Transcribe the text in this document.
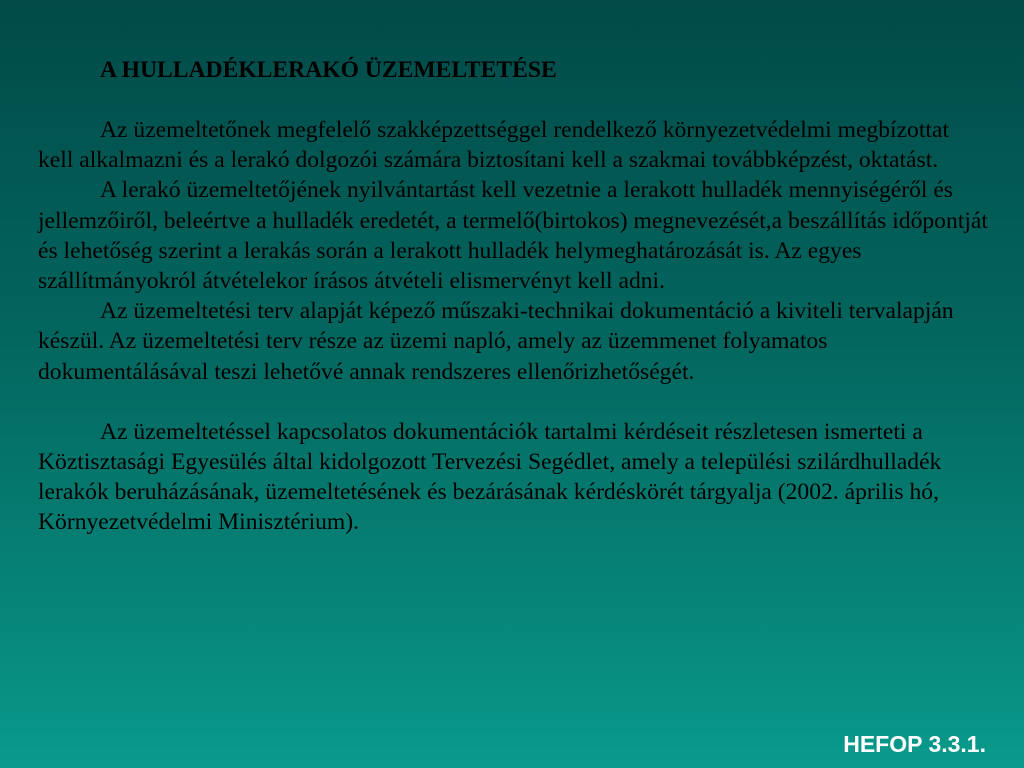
A HULLADÉKLERAKÓ ÜZEMELTETÉSE

Az üzemeltetőnek megfelelő szakképzettséggel rendelkező környezetvédelmi megbízottat kell alkalmazni és a lerakó dolgozói számára biztosítani kell a szakmai továbbképzést, oktatást.

A lerakó üzemeltetőjének nyilvántartást kell vezetnie a lerakott hulladék mennyiségéről és jellemzőiről, beleértve a hulladék eredetét, a termelő(birtokos) megnevezését,a beszállítás időpontját és lehetőség szerint a lerakás során a lerakott hulladék helymeghatározását is. Az egyes szállítmányokról átvételekor írásos átvételi elismervényt kell adni.

Az üzemeltetési terv alapját képező műszaki-technikai dokumentáció a kiviteli tervalapján készül. Az üzemeltetési terv része az üzemi napló, amely az üzemmenet folyamatos dokumentálásával teszi lehetővé annak rendszeres ellenőrizhetőségét.

Az üzemeltetéssel kapcsolatos dokumentációk tartalmi kérdéseit részletesen ismerteti a Köztisztasági Egyesülés által kidolgozott Tervezési Segédlet, amely a települési szilárdhulladék lerakók beruházásának, üzemeltetésének és bezárásának kérdéskörét tárgyalja (2002. április hó, Környezetvédelmi Minisztérium).

HEFOP 3.3.1.
